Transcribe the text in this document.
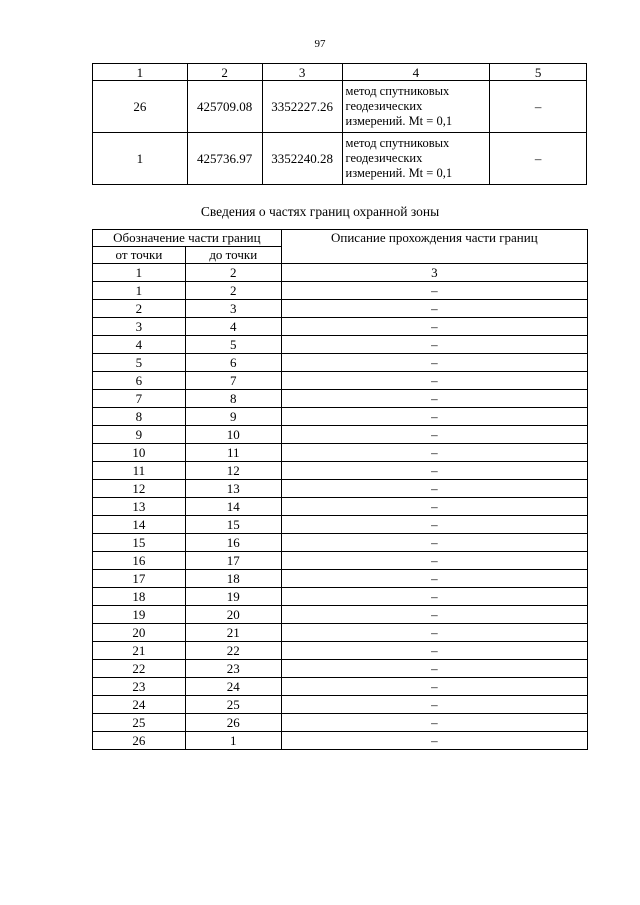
97
1	2	3	4	5
26	425709.08	3352227.26	метод спутниковых
геодезических
измерений. Mt = 0,1	–
1	425736.97	3352240.28	метод спутниковых
геодезических
измерений. Mt = 0,1	–
Сведения о частях границ охранной зоны
Обозначение части границ		Описание прохождения части границ
от точки	до точки	
1	2	3
1	2	–
2	3	–
3	4	–
4	5	–
5	6	–
6	7	–
7	8	–
8	9	–
9	10	–
10	11	–
11	12	–
12	13	–
13	14	–
14	15	–
15	16	–
16	17	–
17	18	–
18	19	–
19	20	–
20	21	–
21	22	–
22	23	–
23	24	–
24	25	–
25	26	–
26	1	–
